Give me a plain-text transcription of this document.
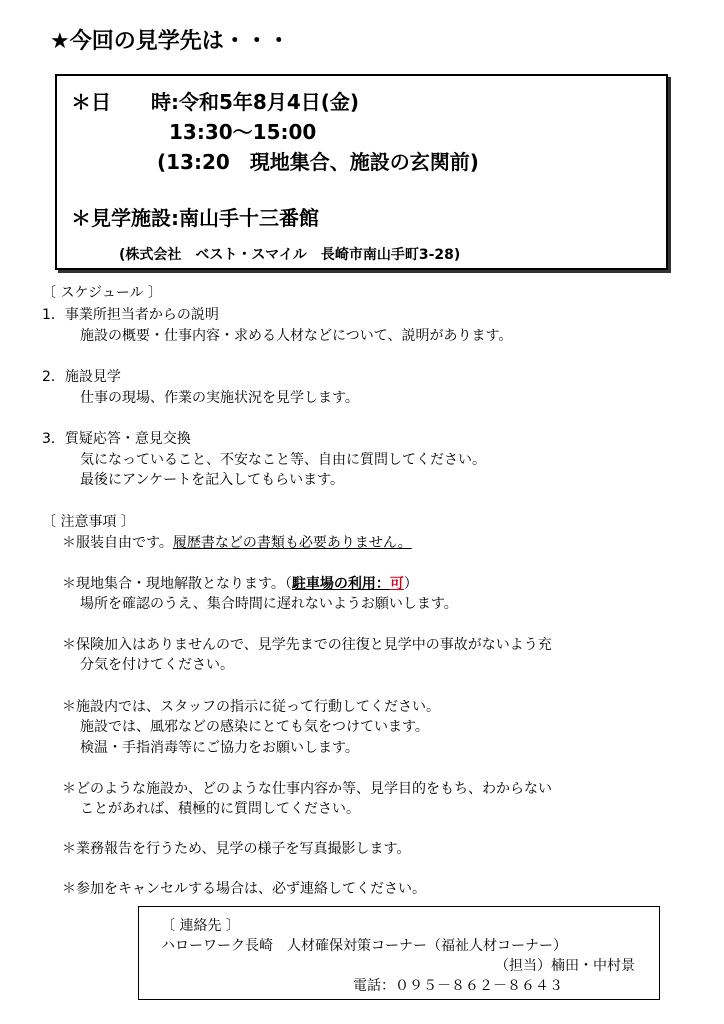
★今回の見学先は・・・
＊日　　時:令和5年8月4日(金)
13:30～15:00
(13:20　現地集合、施設の玄関前)
＊見学施設:南山手十三番館
(株式会社　ベスト・スマイル　長崎市南山手町3-28)
〔 スケジュール 〕
1．事業所担当者からの説明
施設の概要・仕事内容・求める人材などについて、説明があります。
2．施設見学
仕事の現場、作業の実施状況を見学します。
3．質疑応答・意見交換
気になっていること、不安なこと等、自由に質問してください。
最後にアンケートを記入してもらいます。
〔 注意事項 〕
＊服装自由です。履歴書などの書類も必要ありません。
＊現地集合・現地解散となります。（駐車場の利用：可）
場所を確認のうえ、集合時間に遅れないようお願いします。
＊保険加入はありませんので、見学先までの往復と見学中の事故がないよう充
分気を付けてください。
＊施設内では、スタッフの指示に従って行動してください。
施設では、風邪などの感染にとても気をつけています。
検温・手指消毒等にご協力をお願いします。
＊どのような施設か、どのような仕事内容か等、見学目的をもち、わからない
ことがあれば、積極的に質問してください。
＊業務報告を行うため、見学の様子を写真撮影します。
＊参加をキャンセルする場合は、必ず連絡してください。
〔 連絡先 〕
ハローワーク長崎　人材確保対策コーナー（福祉人材コーナー）
（担当）楠田・中村景
電話：０９５－８６２－８６４３
